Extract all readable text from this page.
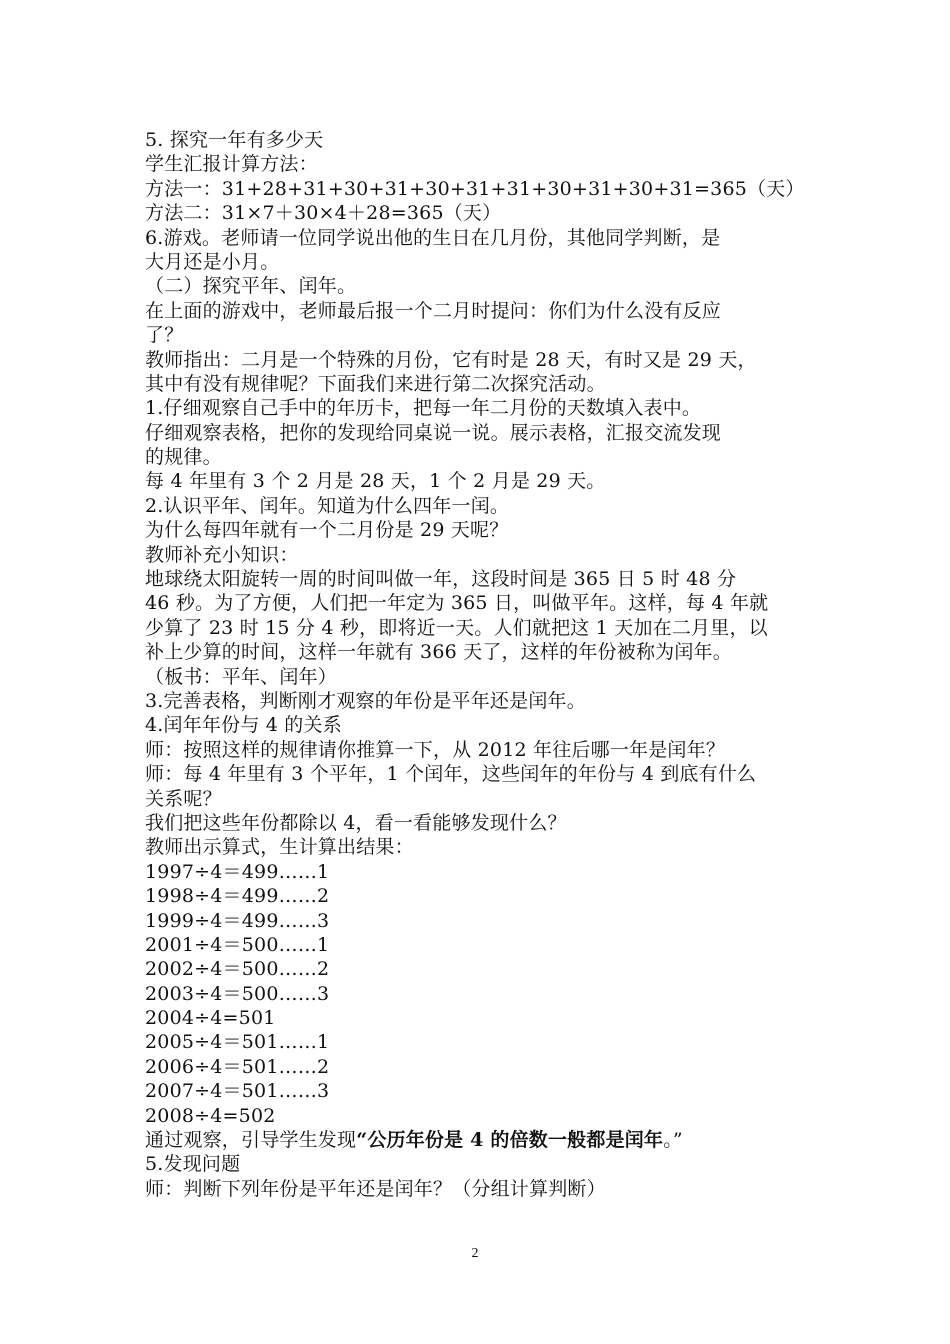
5. 探究一年有多少天
学生汇报计算方法：
方法一：31+28+31+30+31+30+31+31+30+31+30+31=365（天）
方法二：31×7＋30×4＋28=365（天）
6.游戏。老师请一位同学说出他的生日在几月份，其他同学判断，是
大月还是小月。
（二）探究平年、闰年。
在上面的游戏中，老师最后报一个二月时提问：你们为什么没有反应
了？
教师指出：二月是一个特殊的月份，它有时是 28 天，有时又是 29 天，
其中有没有规律呢？下面我们来进行第二次探究活动。
1.仔细观察自己手中的年历卡，把每一年二月份的天数填入表中。
仔细观察表格，把你的发现给同桌说一说。展示表格，汇报交流发现
的规律。
每 4 年里有 3 个 2 月是 28 天，1 个 2 月是 29 天。
2.认识平年、闰年。知道为什么四年一闰。
为什么每四年就有一个二月份是 29 天呢？
教师补充小知识：
地球绕太阳旋转一周的时间叫做一年，这段时间是 365 日 5 时 48 分
46 秒。为了方便，人们把一年定为 365 日，叫做平年。这样，每 4 年就
少算了 23 时 15 分 4 秒，即将近一天。人们就把这 1 天加在二月里，以
补上少算的时间，这样一年就有 366 天了，这样的年份被称为闰年。
（板书：平年、闰年）
3.完善表格，判断刚才观察的年份是平年还是闰年。
4.闰年年份与 4 的关系
师：按照这样的规律请你推算一下，从 2012 年往后哪一年是闰年？
师：每 4 年里有 3 个平年，1 个闰年，这些闰年的年份与 4 到底有什么
关系呢？
我们把这些年份都除以 4，看一看能够发现什么？
教师出示算式，生计算出结果：
1997÷4＝499……1
1998÷4＝499……2
1999÷4＝499……3
2001÷4＝500……1
2002÷4＝500……2
2003÷4＝500……3
2004÷4=501
2005÷4＝501……1
2006÷4＝501……2
2007÷4＝501……3
2008÷4=502
通过观察，引导学生发现“公历年份是 4 的倍数一般都是闰年。”
5.发现问题
师：判断下列年份是平年还是闰年？（分组计算判断）
2
